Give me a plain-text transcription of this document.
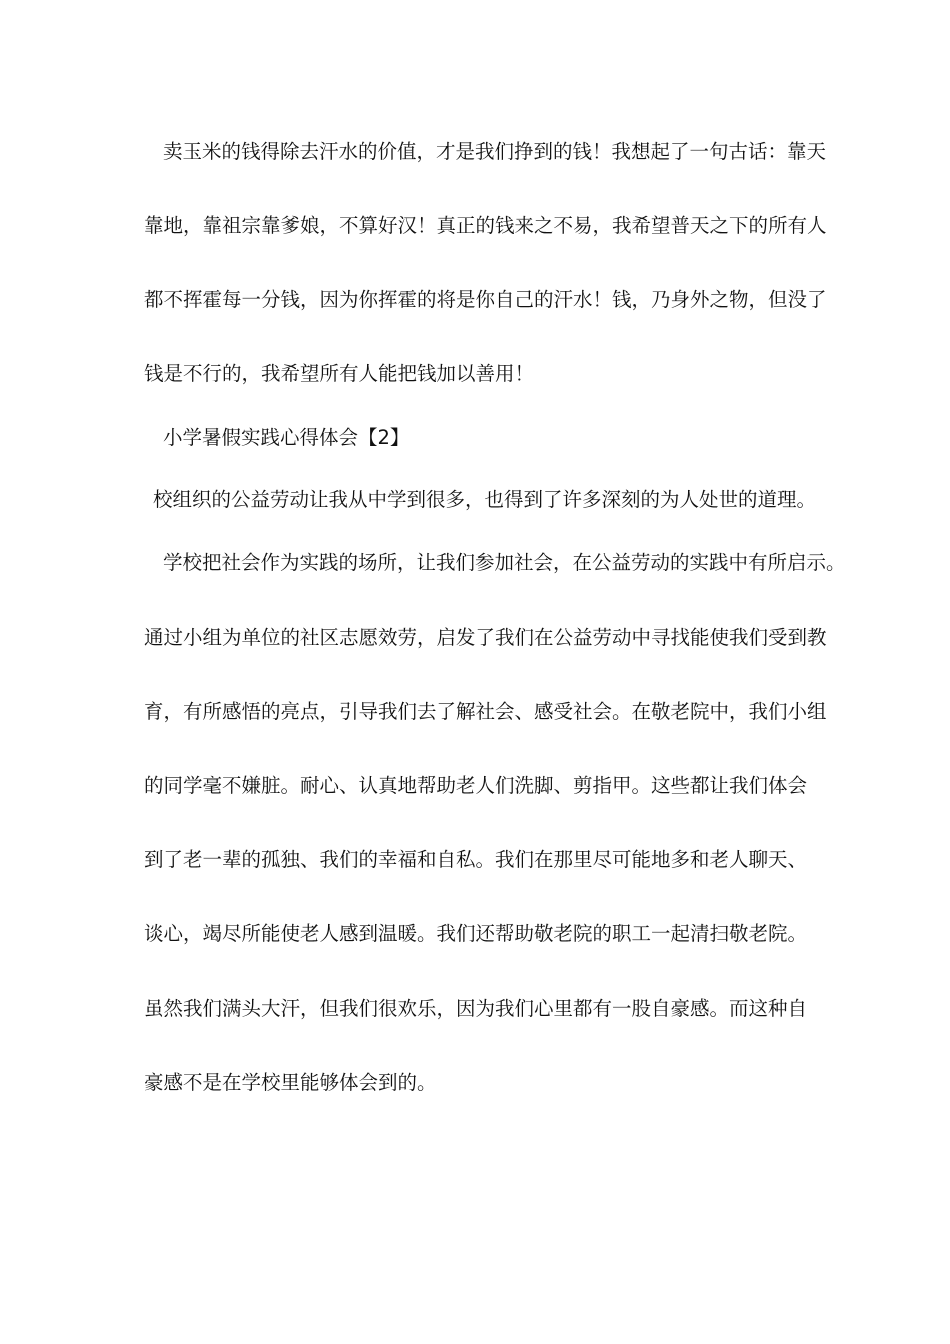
卖玉米的钱得除去汗水的价值，才是我们挣到的钱！我想起了一句古话：靠天
靠地，靠祖宗靠爹娘，不算好汉！真正的钱来之不易，我希望普天之下的所有人
都不挥霍每一分钱，因为你挥霍的将是你自己的汗水！钱，乃身外之物，但没了
钱是不行的，我希望所有人能把钱加以善用！
小学暑假实践心得体会【2】
校组织的公益劳动让我从中学到很多，也得到了许多深刻的为人处世的道理。
学校把社会作为实践的场所，让我们参加社会，在公益劳动的实践中有所启示。
通过小组为单位的社区志愿效劳，启发了我们在公益劳动中寻找能使我们受到教
育，有所感悟的亮点，引导我们去了解社会、感受社会。在敬老院中，我们小组
的同学毫不嫌脏。耐心、认真地帮助老人们洗脚、剪指甲。这些都让我们体会
到了老一辈的孤独、我们的幸福和自私。我们在那里尽可能地多和老人聊天、
谈心，竭尽所能使老人感到温暖。我们还帮助敬老院的职工一起清扫敬老院。
虽然我们满头大汗，但我们很欢乐，因为我们心里都有一股自豪感。而这种自
豪感不是在学校里能够体会到的。
